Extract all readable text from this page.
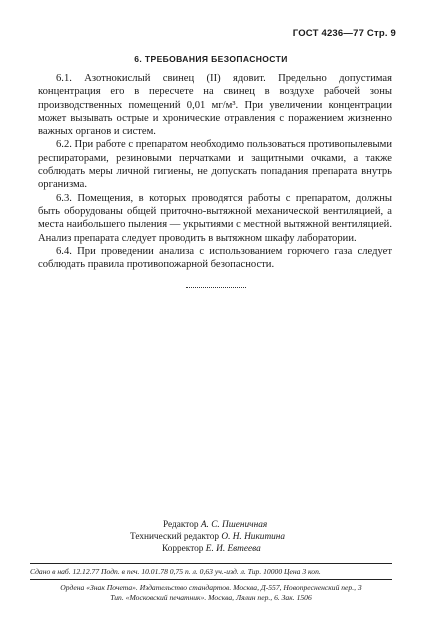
ГОСТ 4236—77 Стр. 9
6. ТРЕБОВАНИЯ БЕЗОПАСНОСТИ

6.1. Азотнокислый свинец (II) ядовит. Предельно допустимая концентрация его в пересчете на свинец в воздухе рабочей зоны производственных помещений 0,01 мг/м³. При увеличении концентрации может вызывать острые и хронические отравления с поражением жизненно важных органов и систем.

6.2. При работе с препаратом необходимо пользоваться противопылевыми респираторами, резиновыми перчатками и защитными очками, а также соблюдать меры личной гигиены, не допускать попадания препарата внутрь организма.

6.3. Помещения, в которых проводятся работы с препаратом, должны быть оборудованы общей приточно-вытяжной механической вентиляцией, а места наибольшего пыления — укрытиями с местной вытяжной вентиляцией. Анализ препарата следует проводить в вытяжном шкафу лаборатории.

6.4. При проведении анализа с использованием горючего газа следует соблюдать правила противопожарной безопасности.

Редактор А. С. Пшеничная
Технический редактор О. Н. Никитина
Корректор Е. И. Евтеева
Сдано в наб. 12.12.77 Подп. в печ. 10.01.78 0,75 п. л. 0,63 уч.-изд. л. Тир. 10000 Цена 3 коп.
Ордена «Знак Почета». Издательство стандартов. Москва, Д-557, Новопресненский пер., 3
Тип. «Московский печатник». Москва, Лялин пер., 6. Зак. 1506
